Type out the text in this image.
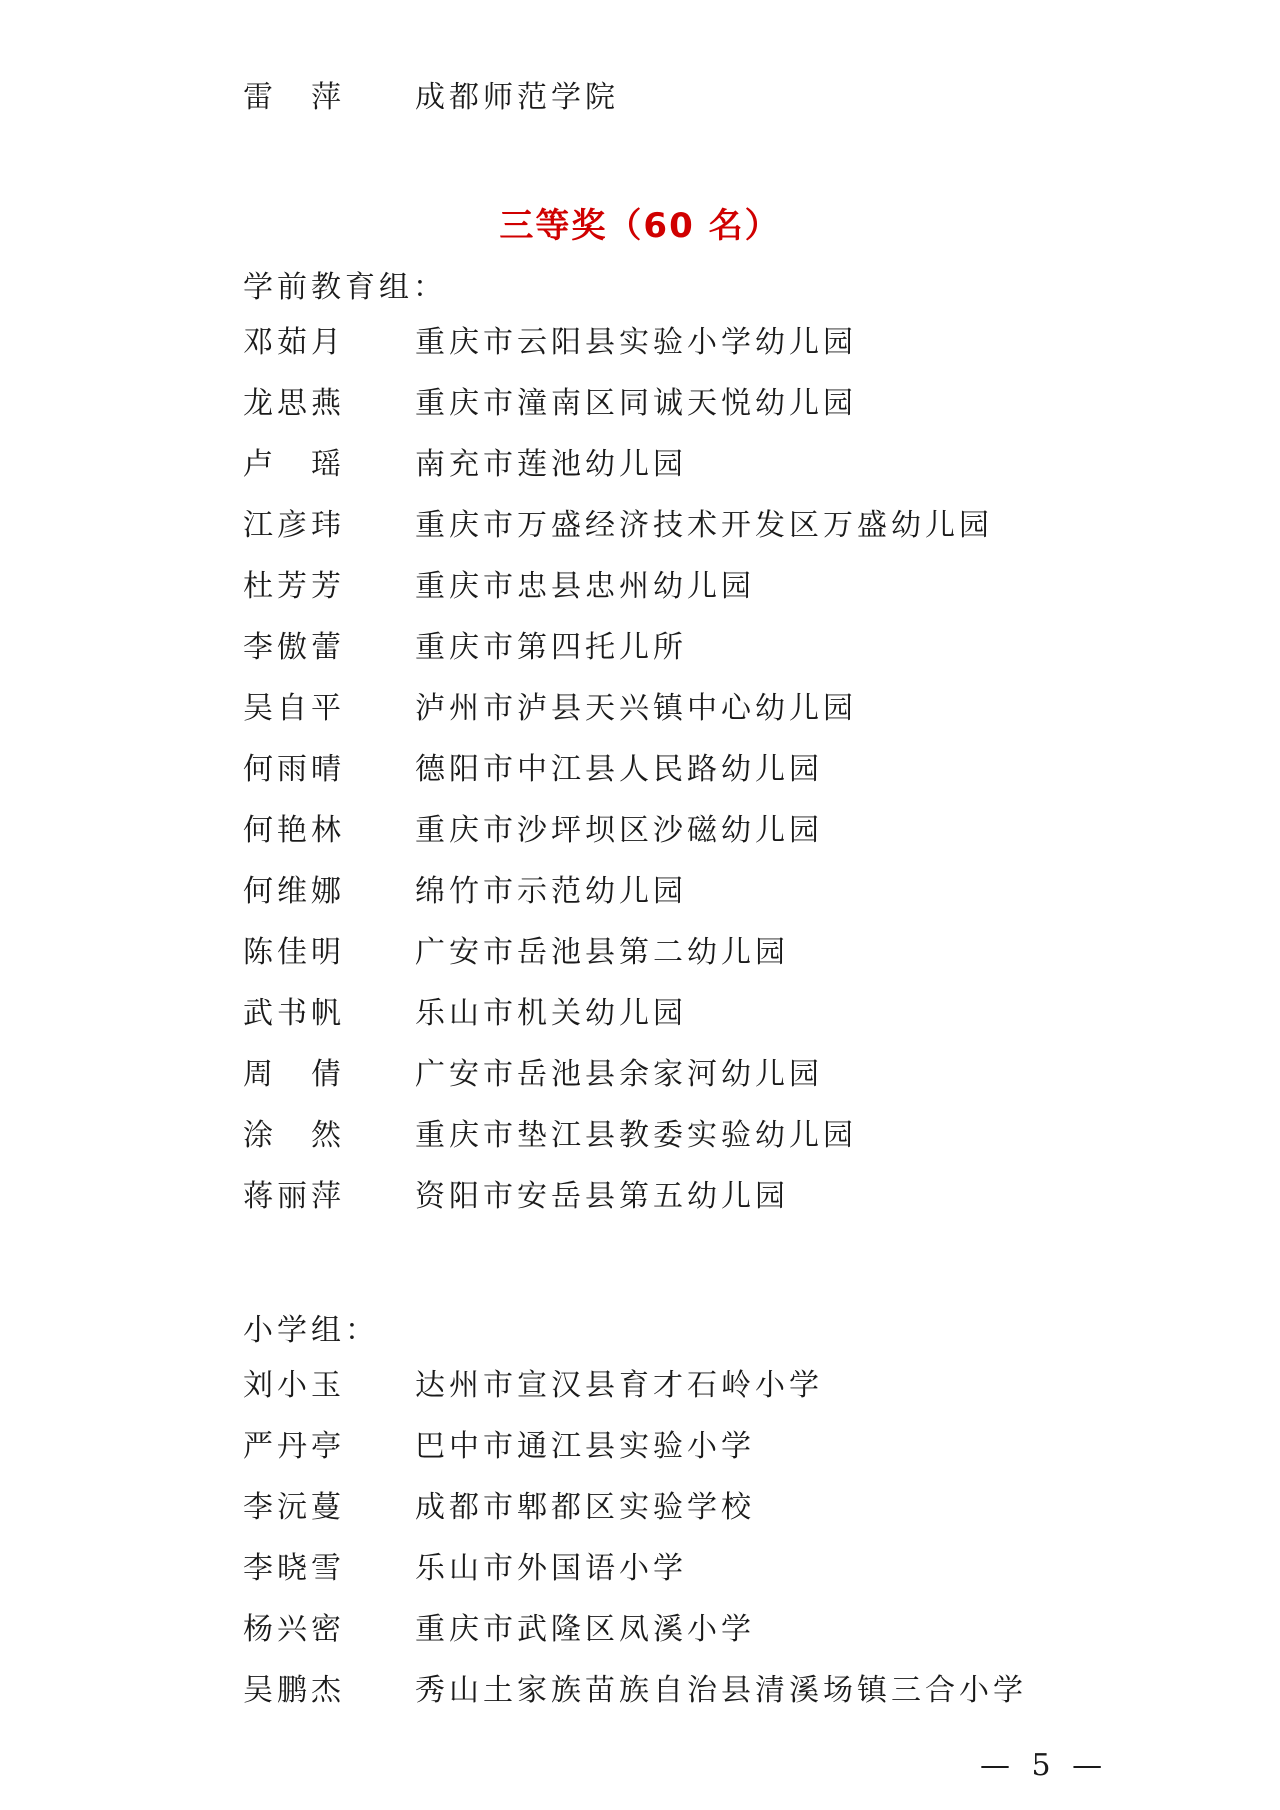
雷　萍 成都师范学院
三等奖（60 名）
学前教育组：
邓茹月 重庆市云阳县实验小学幼儿园
龙思燕 重庆市潼南区同诚天悦幼儿园
卢　瑶 南充市莲池幼儿园
江彦玮 重庆市万盛经济技术开发区万盛幼儿园
杜芳芳 重庆市忠县忠州幼儿园
李傲蕾 重庆市第四托儿所
吴自平 泸州市泸县天兴镇中心幼儿园
何雨晴 德阳市中江县人民路幼儿园
何艳林 重庆市沙坪坝区沙磁幼儿园
何维娜 绵竹市示范幼儿园
陈佳明 广安市岳池县第二幼儿园
武书帆 乐山市机关幼儿园
周　倩 广安市岳池县余家河幼儿园
涂　然 重庆市垫江县教委实验幼儿园
蒋丽萍 资阳市安岳县第五幼儿园
小学组：
刘小玉 达州市宣汉县育才石岭小学
严丹亭 巴中市通江县实验小学
李沅蔓 成都市郫都区实验学校
李晓雪 乐山市外国语小学
杨兴密 重庆市武隆区凤溪小学
吴鹏杰 秀山土家族苗族自治县清溪场镇三合小学
— 5 —
